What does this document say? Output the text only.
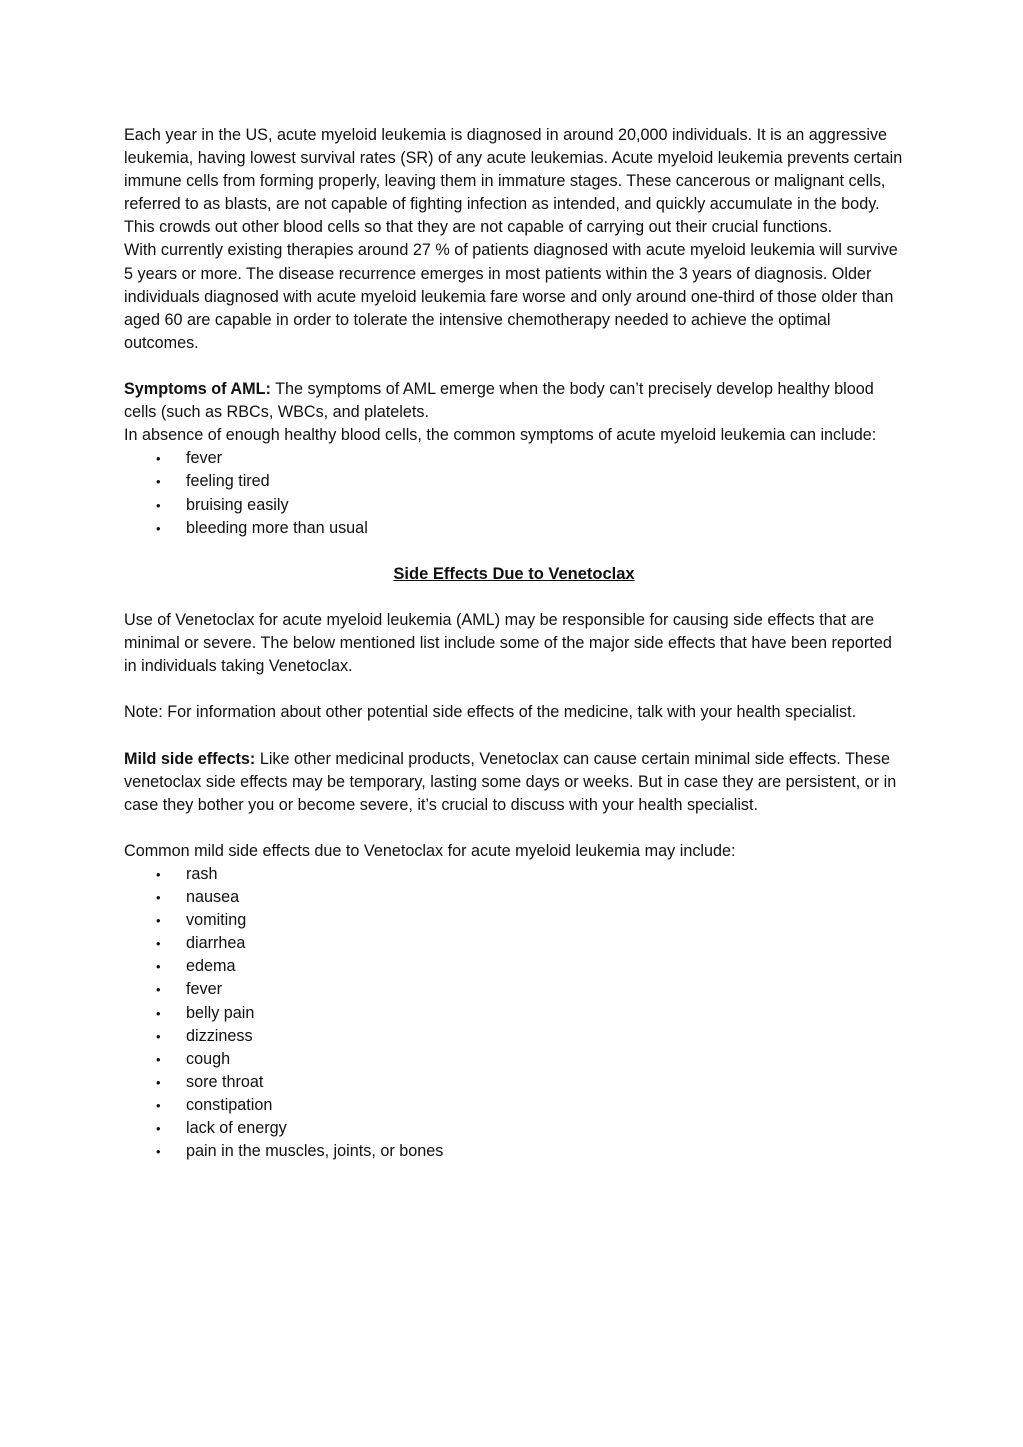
Each year in the US, acute myeloid leukemia is diagnosed in around 20,000 individuals. It is an aggressive leukemia, having lowest survival rates (SR) of any acute leukemias. Acute myeloid leukemia prevents certain immune cells from forming properly, leaving them in immature stages. These cancerous or malignant cells, referred to as blasts, are not capable of fighting infection as intended, and quickly accumulate in the body. This crowds out other blood cells so that they are not capable of carrying out their crucial functions.

With currently existing therapies around 27 % of patients diagnosed with acute myeloid leukemia will survive 5 years or more. The disease recurrence emerges in most patients within the 3 years of diagnosis. Older individuals diagnosed with acute myeloid leukemia fare worse and only around one-third of those older than aged 60 are capable in order to tolerate the intensive chemotherapy needed to achieve the optimal outcomes.

Symptoms of AML: The symptoms of AML emerge when the body can’t precisely develop healthy blood cells (such as RBCs, WBCs, and platelets.

In absence of enough healthy blood cells, the common symptoms of acute myeloid leukemia can include:

• fever
• feeling tired
• bruising easily
• bleeding more than usual

Side Effects Due to Venetoclax

Use of Venetoclax for acute myeloid leukemia (AML) may be responsible for causing side effects that are minimal or severe. The below mentioned list include some of the major side effects that have been reported in individuals taking Venetoclax.

Note: For information about other potential side effects of the medicine, talk with your health specialist.

Mild side effects: Like other medicinal products, Venetoclax can cause certain minimal side effects. These venetoclax side effects may be temporary, lasting some days or weeks. But in case they are persistent, or in case they bother you or become severe, it’s crucial to discuss with your health specialist.

Common mild side effects due to Venetoclax for acute myeloid leukemia may include:

• rash
• nausea
• vomiting
• diarrhea
• edema
• fever
• belly pain
• dizziness
• cough
• sore throat
• constipation
• lack of energy
• pain in the muscles, joints, or bones
